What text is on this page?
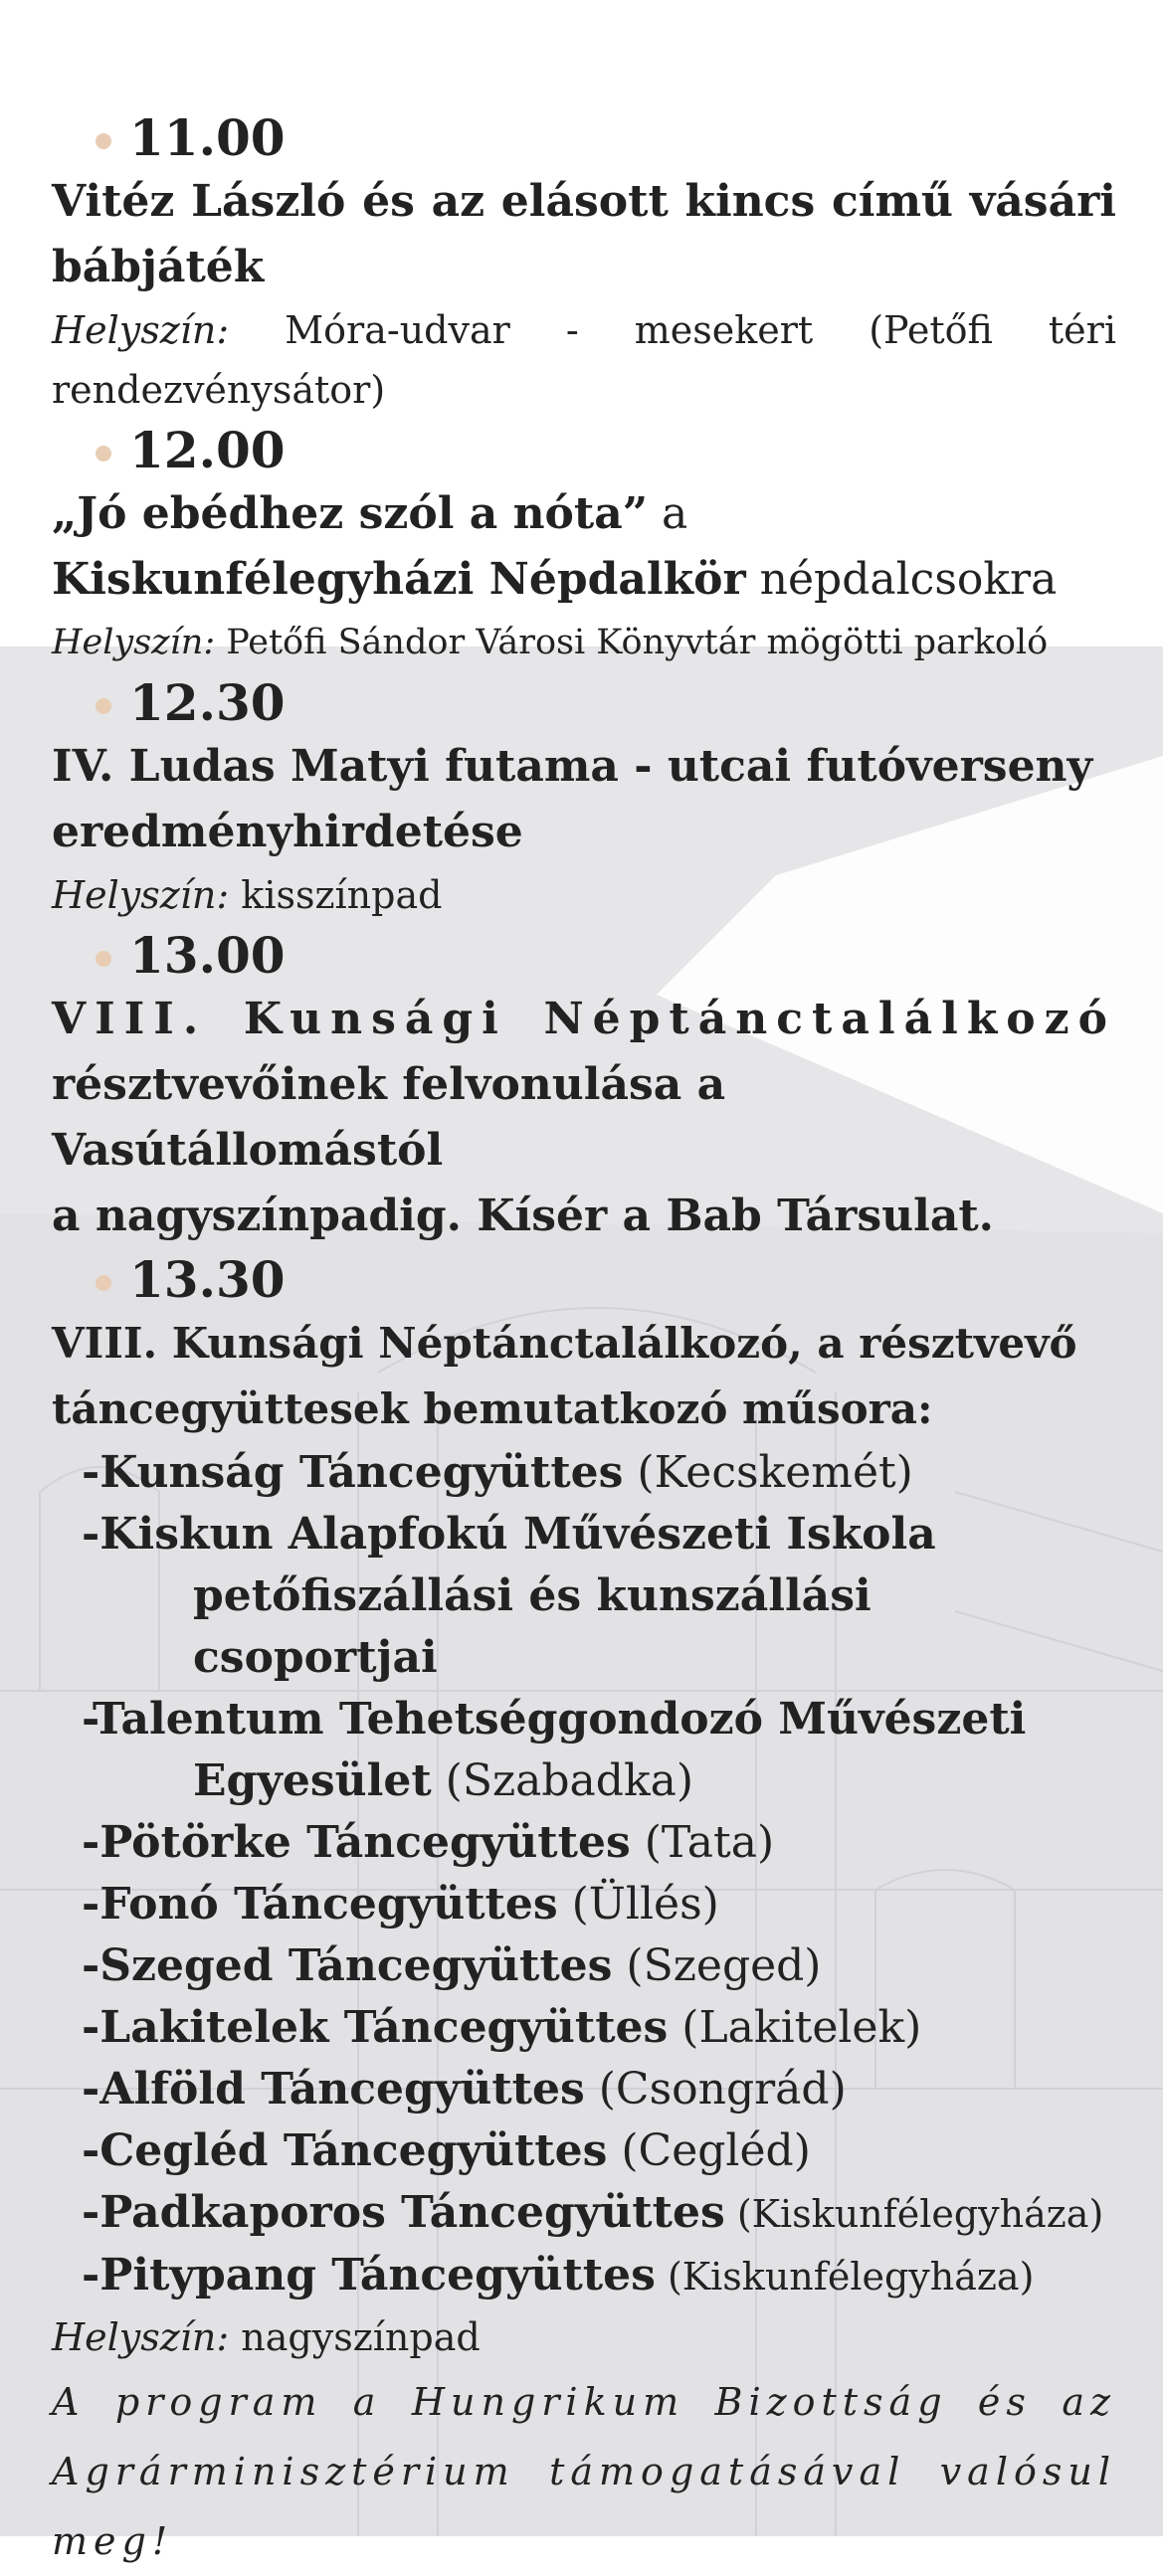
11.00
Vitéz László és az elásott kincs című vásári bábjáték
Helyszín: Móra-udvar - mesekert (Petőfi téri rendezvénysátor)
12.00
„Jó ebédhez szól a nóta” a Kiskunfélegyházi Népdalkör népdalcsokra
Helyszín: Petőfi Sándor Városi Könyvtár mögötti parkoló
12.30
IV. Ludas Matyi futama - utcai futóverseny eredményhirdetése
Helyszín: kisszínpad
13.00
VIII. Kunsági Néptánctalálkozó
résztvevőinek felvonulása a Vasútállomástól
a nagyszínpadig. Kísér a Bab Társulat.
13.30
VIII. Kunsági Néptánctalálkozó, a résztvevő táncegyüttesek bemutatkozó műsora:
-Kunság Táncegyüttes (Kecskemét)
-Kiskun Alapfokú Művészeti Iskola
petőfiszállási és kunszállási csoportjai
-Talentum Tehetséggondozó Művészeti
Egyesület (Szabadka)
-Pötörke Táncegyüttes (Tata)
-Fonó Táncegyüttes (Üllés)
-Szeged Táncegyüttes (Szeged)
-Lakitelek Táncegyüttes (Lakitelek)
-Alföld Táncegyüttes (Csongrád)
-Cegléd Táncegyüttes (Cegléd)
-Padkaporos Táncegyüttes (Kiskunfélegyháza)
-Pitypang Táncegyüttes (Kiskunfélegyháza)
Helyszín: nagyszínpad
A program a Hungrikum Bizottság és az
Agrárminisztérium támogatásával valósul meg!
